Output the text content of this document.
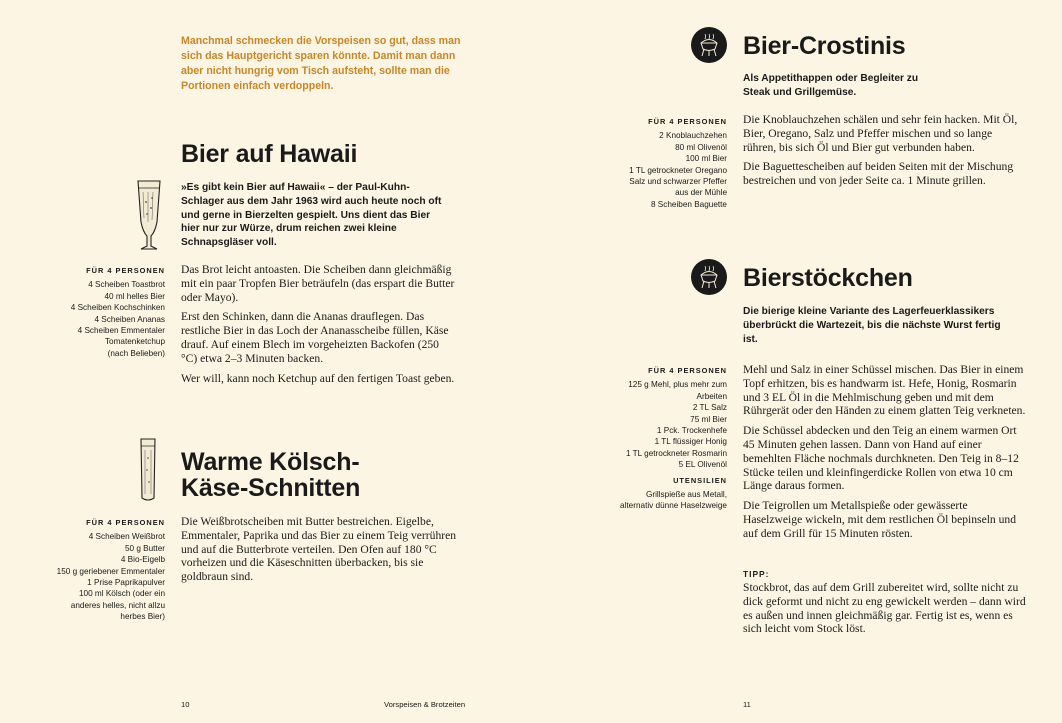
Manchmal schmecken die Vorspeisen so gut, dass man sich das Hauptgericht sparen könnte. Damit man dann aber nicht hungrig vom Tisch aufsteht, sollte man die Portionen einfach verdoppeln.
Bier auf Hawaii
»Es gibt kein Bier auf Hawaii« – der Paul-Kuhn-Schlager aus dem Jahr 1963 wird auch heute noch oft und gerne in Bierzelten gespielt. Uns dient das Bier hier nur zur Würze, drum reichen zwei kleine Schnapsgläser voll.
FÜR 4 PERSONEN
4 Scheiben Toastbrot
40 ml helles Bier
4 Scheiben Kochschinken
4 Scheiben Ananas
4 Scheiben Emmentaler
Tomatenketchup
(nach Belieben)

Das Brot leicht antoasten. Die Scheiben dann gleichmäßig mit ein paar Tropfen Bier beträufeln (das erspart die Butter oder Mayo).

Erst den Schinken, dann die Ananas drauflegen. Das restliche Bier in das Loch der Ananasscheibe füllen, Käse drauf. Auf einem Blech im vorgeheizten Backofen (250 °C) etwa 2–3 Minuten backen.

Wer will, kann noch Ketchup auf den fertigen Toast geben.

Warme Kölsch-
Käse-Schnitten
FÜR 4 PERSONEN
4 Scheiben Weißbrot
50 g Butter
4 Bio-Eigelb
150 g geriebener Emmentaler
1 Prise Paprikapulver
100 ml Kölsch (oder ein
anderes helles, nicht allzu
herbes Bier)

Die Weißbrotscheiben mit Butter bestreichen. Eigelbe, Emmentaler, Paprika und das Bier zu einem Teig verrühren und auf die Butterbrote verteilen. Den Ofen auf 180 °C vorheizen und die Käseschnitten überbacken, bis sie goldbraun sind.

10	Vorspeisen & Brotzeiten
Bier-Crostinis
Als Appetithappen oder Begleiter zu Steak und Grillgemüse.
FÜR 4 PERSONEN
2 Knoblauchzehen
80 ml Olivenöl
100 ml Bier
1 TL getrockneter Oregano
Salz und schwarzer Pfeffer
aus der Mühle
8 Scheiben Baguette

Die Knoblauchzehen schälen und sehr fein hacken. Mit Öl, Bier, Oregano, Salz und Pfeffer mischen und so lange rühren, bis sich Öl und Bier gut verbunden haben.

Die Baguettescheiben auf beiden Seiten mit der Mischung bestreichen und von jeder Seite ca. 1 Minute grillen.

Bierstöckchen
Die bierige kleine Variante des Lagerfeuerklassikers überbrückt die Wartezeit, bis die nächste Wurst fertig ist.
FÜR 4 PERSONEN
125 g Mehl, plus mehr zum
Arbeiten
2 TL Salz
75 ml Bier
1 Pck. Trockenhefe
1 TL flüssiger Honig
1 TL getrockneter Rosmarin
5 EL Olivenöl
UTENSILIEN
Grillspieße aus Metall,
alternativ dünne Haselzweige

Mehl und Salz in einer Schüssel mischen. Das Bier in einem Topf erhitzen, bis es handwarm ist. Hefe, Honig, Rosmarin und 3 EL Öl in die Mehlmischung geben und mit dem Rührgerät oder den Händen zu einem glatten Teig verkneten.

Die Schüssel abdecken und den Teig an einem warmen Ort 45 Minuten gehen lassen. Dann von Hand auf einer bemehlten Fläche nochmals durchkneten. Den Teig in 8–12 Stücke teilen und kleinfingerdicke Rollen von etwa 10 cm Länge daraus formen.

Die Teigrollen um Metallspieße oder gewässerte Haselzweige wickeln, mit dem restlichen Öl bepinseln und auf dem Grill für 15 Minuten rösten.

TIPP:
Stockbrot, das auf dem Grill zubereitet wird, sollte nicht zu dick geformt und nicht zu eng gewickelt werden – dann wird es außen und innen gleichmäßig gar. Fertig ist es, wenn es sich leicht vom Stock löst.
11
